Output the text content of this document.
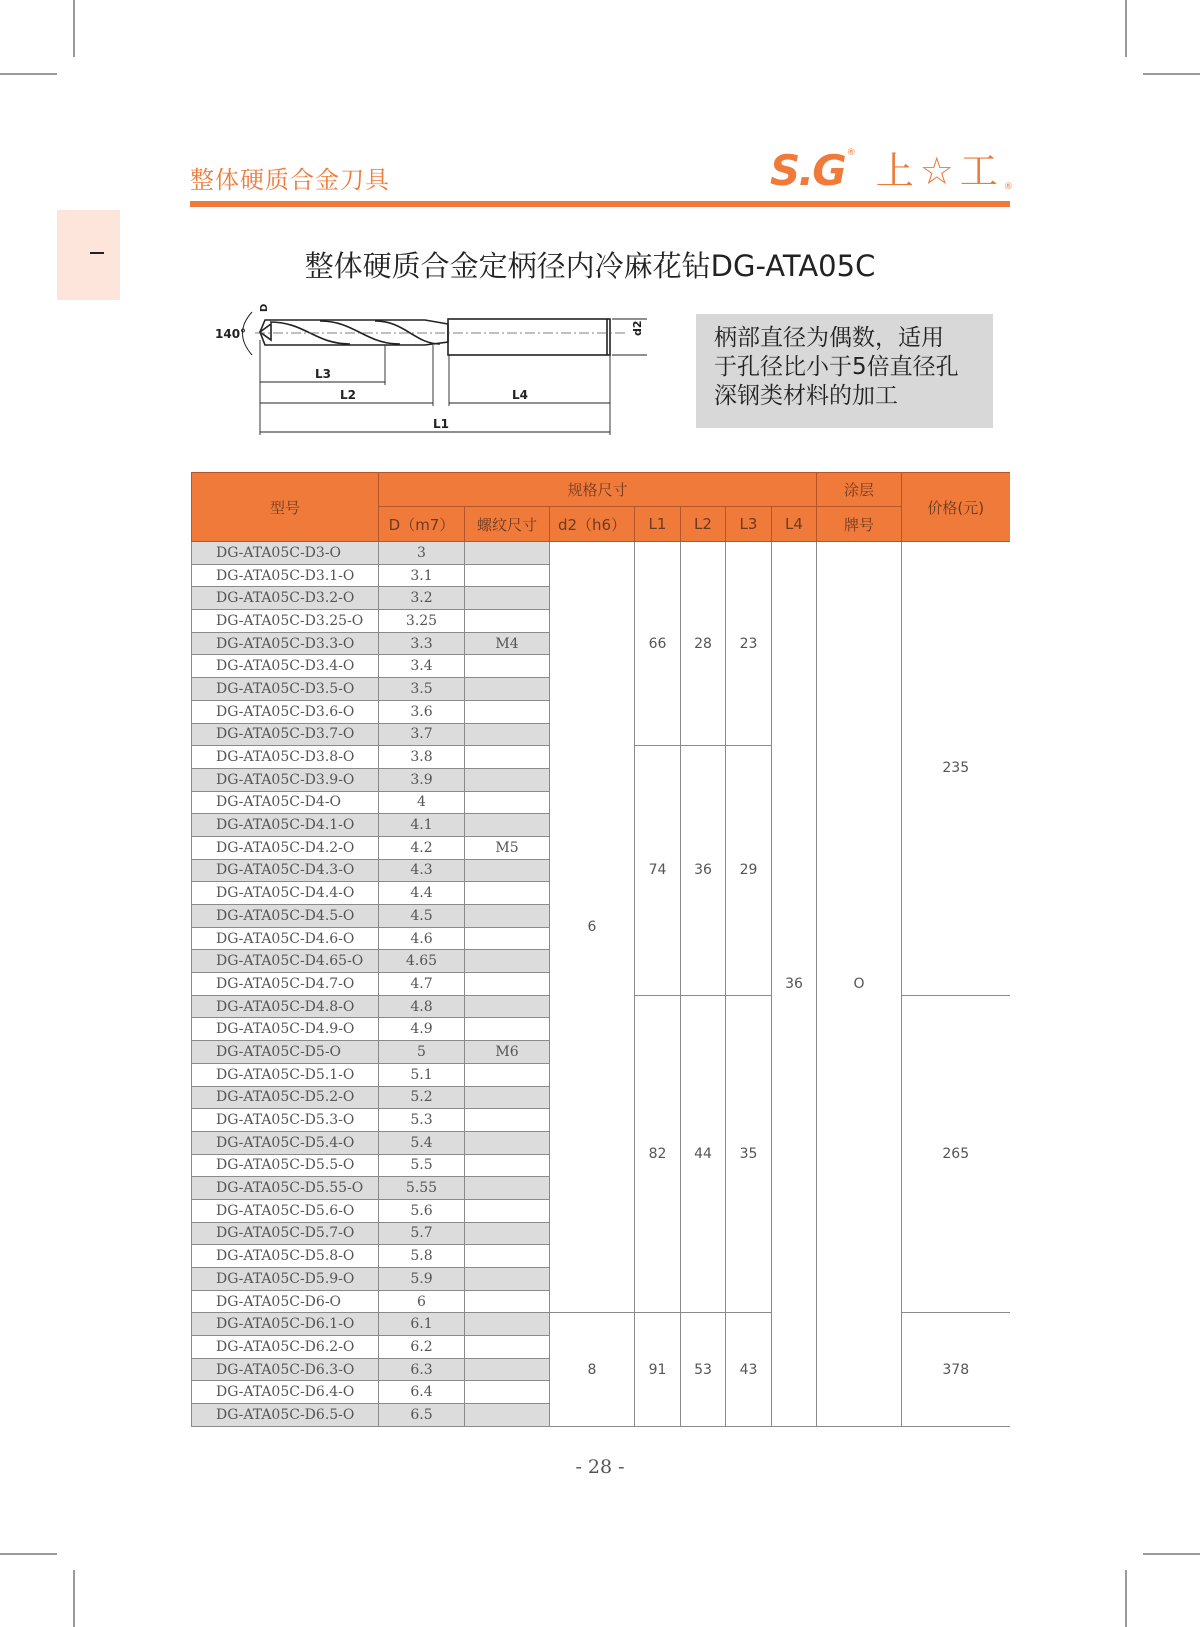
整体硬质合金刀具	S.G ® 上☆工 ®
整体硬质合金定柄径内冷麻花钻DG-ATA05C
140°
D
d2
L3
L2	L4
L1
柄部直径为偶数，适用
于孔径比小于5倍直径孔
深钢类材料的加工
型号	规格尺寸							涂层	价格(元)
	D（m7）	螺纹尺寸	d2（h6）	L1	L2	L3	L4	牌号	
DG-ATA05C-D3-O	3		6	66	28	23	36	O	235
DG-ATA05C-D3.1-O	3.1								
DG-ATA05C-D3.2-O	3.2								
DG-ATA05C-D3.25-O	3.25								
DG-ATA05C-D3.3-O	3.3	M4							
DG-ATA05C-D3.4-O	3.4								
DG-ATA05C-D3.5-O	3.5								
DG-ATA05C-D3.6-O	3.6								
DG-ATA05C-D3.7-O	3.7								
DG-ATA05C-D3.8-O	3.8			74	36	29			
DG-ATA05C-D3.9-O	3.9								
DG-ATA05C-D4-O	4								
DG-ATA05C-D4.1-O	4.1								
DG-ATA05C-D4.2-O	4.2	M5							
DG-ATA05C-D4.3-O	4.3								
DG-ATA05C-D4.4-O	4.4								
DG-ATA05C-D4.5-O	4.5								
DG-ATA05C-D4.6-O	4.6								
DG-ATA05C-D4.65-O	4.65								
DG-ATA05C-D4.7-O	4.7								
DG-ATA05C-D4.8-O	4.8			82	44	35			265
DG-ATA05C-D4.9-O	4.9								
DG-ATA05C-D5-O	5	M6							
DG-ATA05C-D5.1-O	5.1								
DG-ATA05C-D5.2-O	5.2								
DG-ATA05C-D5.3-O	5.3								
DG-ATA05C-D5.4-O	5.4								
DG-ATA05C-D5.5-O	5.5								
DG-ATA05C-D5.55-O	5.55								
DG-ATA05C-D5.6-O	5.6								
DG-ATA05C-D5.7-O	5.7								
DG-ATA05C-D5.8-O	5.8								
DG-ATA05C-D5.9-O	5.9								
DG-ATA05C-D6-O	6								
DG-ATA05C-D6.1-O	6.1		8	91	53	43			378
DG-ATA05C-D6.2-O	6.2								
DG-ATA05C-D6.3-O	6.3								
DG-ATA05C-D6.4-O	6.4								
DG-ATA05C-D6.5-O	6.5								
- 28 -
